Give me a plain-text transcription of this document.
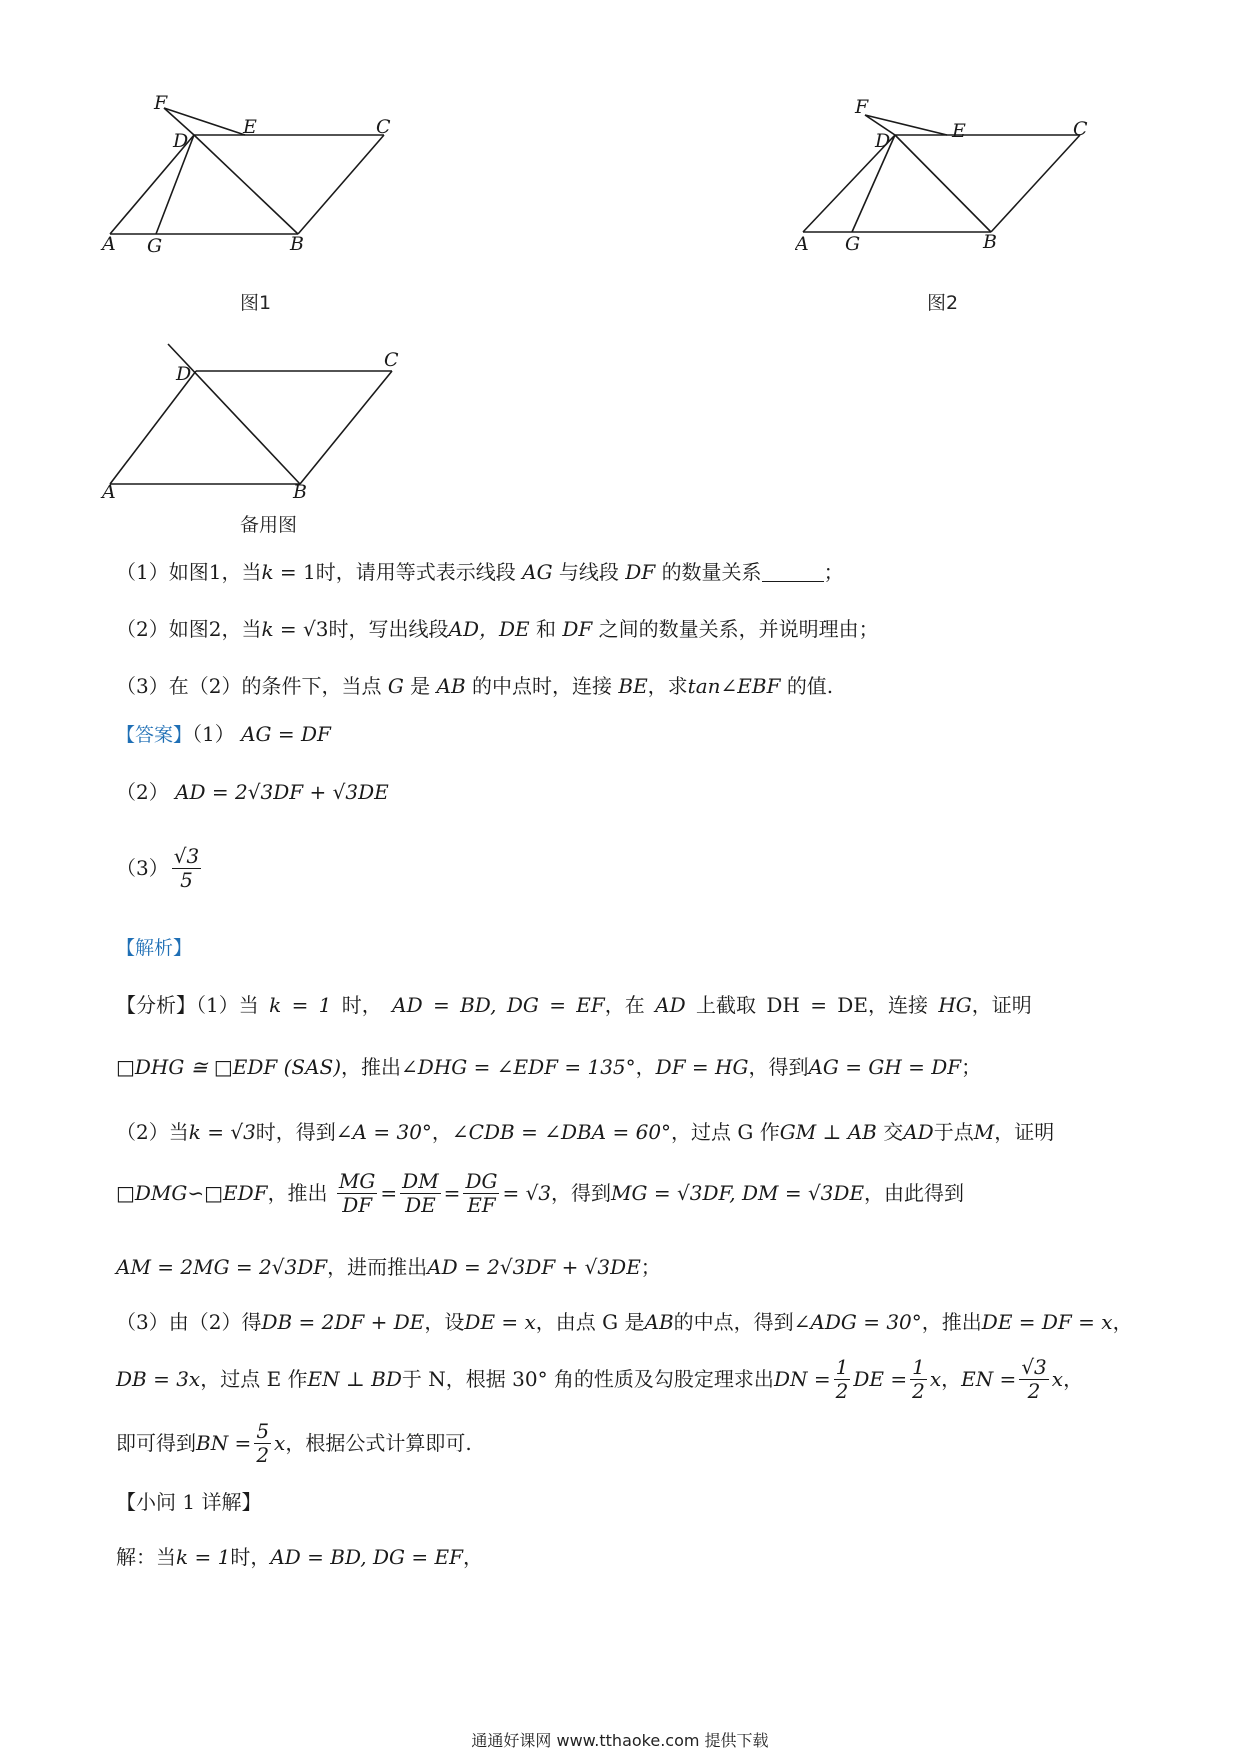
F
D
E	C
A G	B
图1
F
D	E	C
A G	B
图2
D
C
A	B
备用图
（1）如图1，当k = 1时，请用等式表示线段 AG 与线段 DF 的数量关系	；
（2）如图2，当k = √3时，写出线段AD，DE 和 DF 之间的数量关系，并说明理由；
（3）在（2）的条件下，当点 G 是 AB 的中点时，连接 BE，求tan∠EBF 的值.
【答案】（1） AG = DF
（2） AD = 2√3DF + √3DE
$(3) \frac{√3}{5}$
【解析】
【分析】（1）当 k = 1 时， AD = BD, DG = EF，在 AD 上截取 DH = DE，连接 HG，证明
□DHG ≅ □EDF (SAS)，推出∠DHG = ∠EDF = 135°，DF = HG，得到AG = GH = DF；
（2）当k = √3时，得到∠A = 30°，∠CDB = ∠DBA = 60°，过点 G 作GM ⊥ AB 交AD于点M，证明
□DMG∽□EDF，推出 $\frac{MG}{DF} = \frac{DM}{DE} = \frac{DG}{EF} = √3$，得到MG = √3DF, DM = √3DE，由此得到
AM = 2MG = 2√3DF，进而推出AD = 2√3DF + √3DE；
（3）由（2）得DB = 2DF + DE，设DE = x，由点 G 是AB的中点，得到∠ADG = 30°，推出DE = DF = x，
DB = 3x，过点 E 作EN ⊥ BD于 N，根据 30° 角的性质及勾股定理求出DN = $\frac{1}{2}$ DE = $\frac{1}{2}$ x，EN = $\frac{√3}{2}$ x，
即可得到BN = $\frac{5}{2}$ x，根据公式计算即可.
【小问 1 详解】
解：当k = 1时，AD = BD, DG = EF，
通通好课网 www.tthaoke.com 提供下载
